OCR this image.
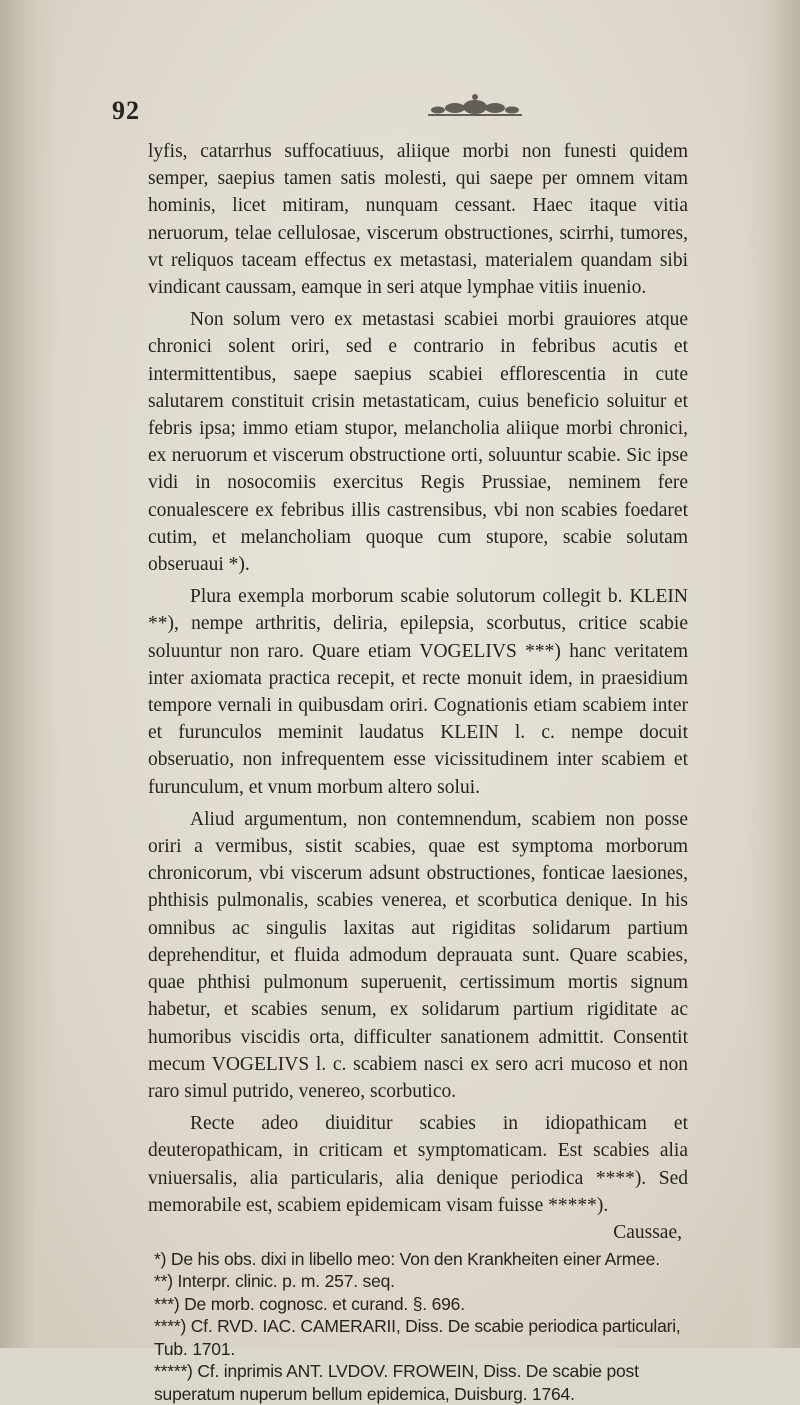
92

lyfis, catarrhus suffocatiuus, aliique morbi non funesti quidem semper, saepius tamen satis molesti, qui saepe per omnem vitam hominis, licet mitiram, nunquam cessant. Haec itaque vitia neruorum, telae cellulosae, viscerum obstructiones, scirrhi, tumores, vt reliquos taceam effectus ex metastasi, materialem quandam sibi vindicant caussam, eamque in seri atque lymphae vitiis inuenio.

Non solum vero ex metastasi scabiei morbi grauiores atque chronici solent oriri, sed e contrario in febribus acutis et intermittentibus, saepe saepius scabiei efflorescentia in cute salutarem constituit crisin metastaticam, cuius beneficio soluitur et febris ipsa; immo etiam stupor, melancholia aliique morbi chronici, ex neruorum et viscerum obstructione orti, soluuntur scabie. Sic ipse vidi in nosocomiis exercitus Regis Prussiae, neminem fere conualescere ex febribus illis castrensibus, vbi non scabies foedaret cutim, et melancholiam quoque cum stupore, scabie solutam obseruaui *).

Plura exempla morborum scabie solutorum collegit b. KLEIN **), nempe arthritis, deliria, epilepsia, scorbutus, critice scabie soluuntur non raro. Quare etiam VOGELIVS ***) hanc veritatem inter axiomata practica recepit, et recte monuit idem, in praesidium tempore vernali in quibusdam oriri. Cognationis etiam scabiem inter et furunculos meminit laudatus KLEIN l. c. nempe docuit obseruatio, non infrequentem esse vicissitudinem inter scabiem et furunculum, et vnum morbum altero solui.

Aliud argumentum, non contemnendum, scabiem non posse oriri a vermibus, sistit scabies, quae est symptoma morborum chronicorum, vbi viscerum adsunt obstructiones, fonticae laesiones, phthisis pulmonalis, scabies venerea, et scorbutica denique. In his omnibus ac singulis laxitas aut rigiditas solidarum partium deprehenditur, et fluida admodum deprauata sunt. Quare scabies, quae phthisi pulmonum superuenit, certissimum mortis signum habetur, et scabies senum, ex solidarum partium rigiditate ac humoribus viscidis orta, difficulter sanationem admittit. Consentit mecum VOGELIVS l. c. scabiem nasci ex sero acri mucoso et non raro simul putrido, venereo, scorbutico.

Recte adeo diuiditur scabies in idiopathicam et deuteropathicam, in criticam et symptomaticam. Est scabies alia vniuersalis, alia particularis, alia denique periodica ****). Sed memorabile est, scabiem epidemicam visam fuisse *****).

Caussae,

*) De his obs. dixi in libello meo: Von den Krankheiten einer Armee.

**) Interpr. clinic. p. m. 257. seq.

***) De morb. cognosc. et curand. §. 696.

****) Cf. RVD. IAC. CAMERARII, Diss. De scabie periodica particulari, Tub. 1701.

*****) Cf. inprimis ANT. LVDOV. FROWEIN, Diss. De scabie post superatum nuperum bellum epidemica, Duisburg. 1764.
